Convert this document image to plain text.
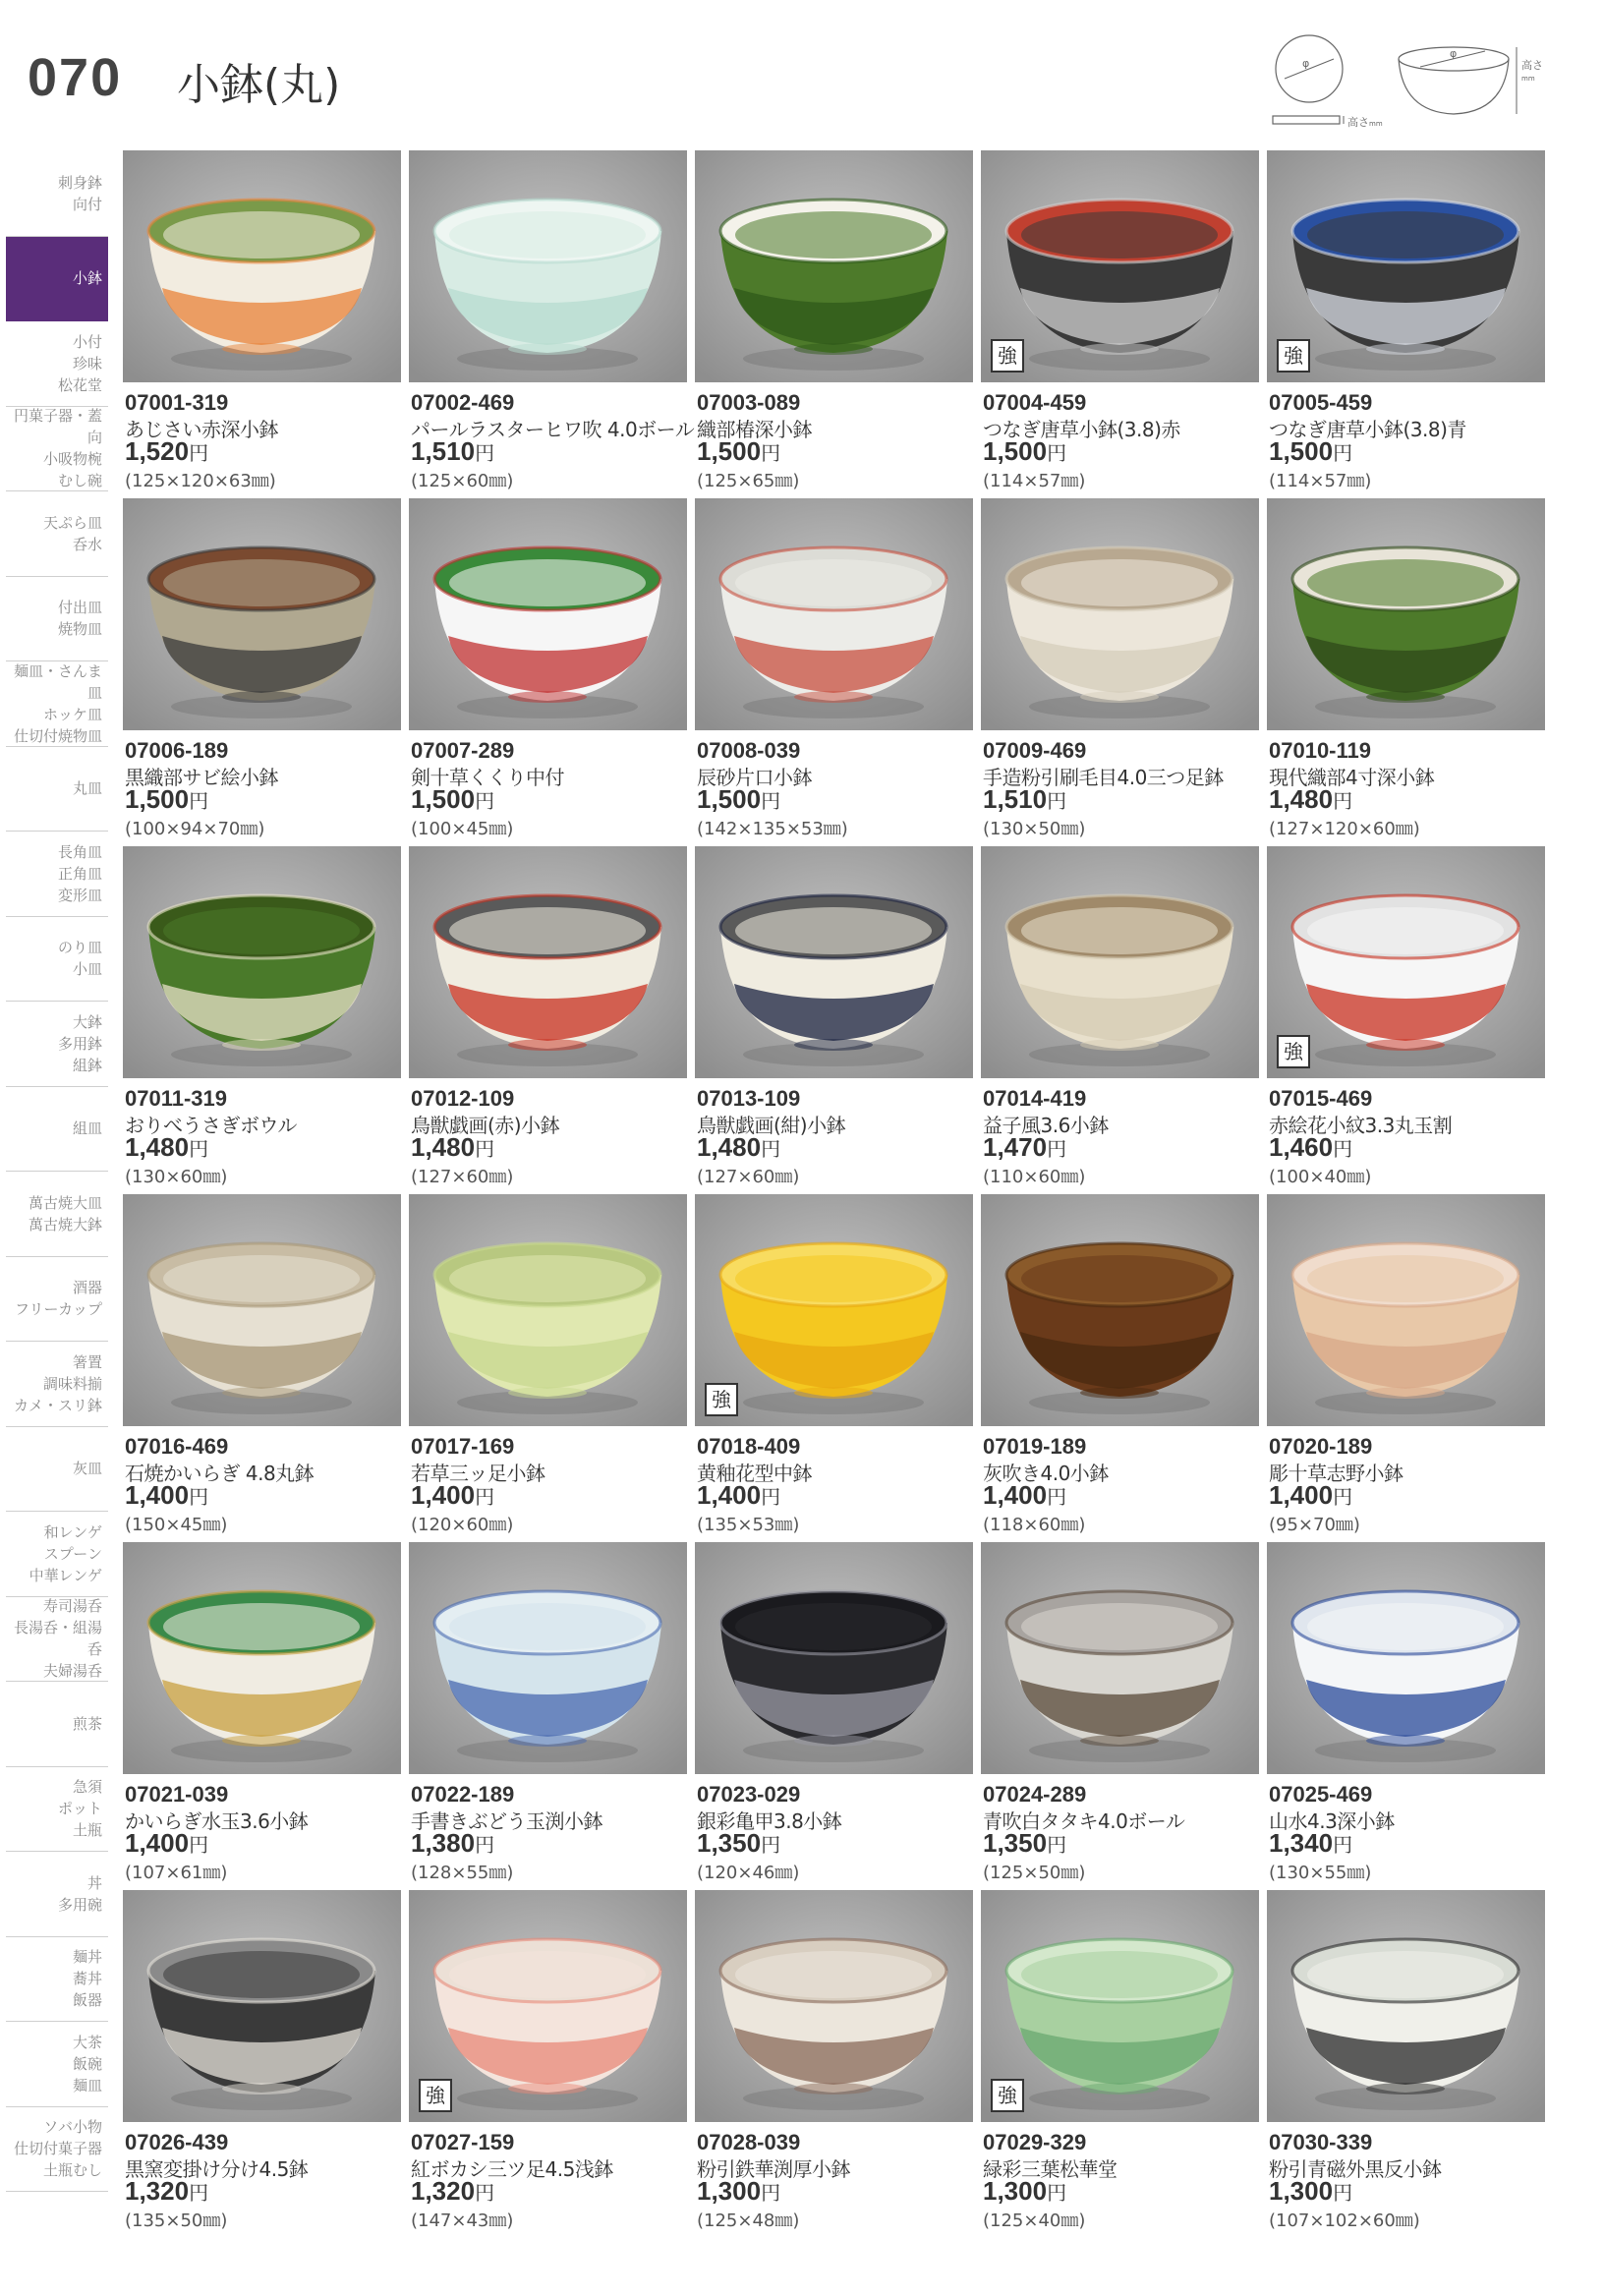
070 小鉢(丸)	φ
高さmm
φ
高さ
mm
刺身鉢
向付
小鉢
小付
珍味
松花堂
円菓子器・蓋向
小吸物椀
むし碗
天ぷら皿
呑水
付出皿
焼物皿
麺皿・さんま皿
ホッケ皿
仕切付焼物皿
丸皿
長角皿
正角皿
変形皿
のり皿
小皿
大鉢
多用鉢
組鉢
組皿
萬古焼大皿
萬古焼大鉢
酒器
フリーカップ
箸置
調味料揃
カメ・スリ鉢
灰皿
和レンゲ
スプーン
中華レンゲ
寿司湯呑
長湯呑・組湯呑
夫婦湯呑
煎茶
急須
ポット
土瓶
丼
多用碗
麺丼
蕎丼
飯器
大茶
飯碗
麺皿
ソバ小物
仕切付菓子器
土瓶むし
07001-319
あじさい赤深小鉢
1,520円
(125×120×63㎜)
07002-469
パールラスターヒワ吹 4.0ボール
1,510円
(125×60㎜)
07003-089
織部椿深小鉢
1,500円
(125×65㎜)
強
07004-459
つなぎ唐草小鉢(3.8)赤
1,500円
(114×57㎜)
強
07005-459
つなぎ唐草小鉢(3.8)青
1,500円
(114×57㎜)
07006-189
黒織部サビ絵小鉢
1,500円
(100×94×70㎜)
07007-289
剣十草くくり中付
1,500円
(100×45㎜)
07008-039
辰砂片口小鉢
1,500円
(142×135×53㎜)
07009-469
手造粉引刷毛目4.0三つ足鉢
1,510円
(130×50㎜)
07010-119
現代織部4寸深小鉢
1,480円
(127×120×60㎜)
07011-319
おりべうさぎボウル
1,480円
(130×60㎜)
07012-109
鳥獣戯画(赤)小鉢
1,480円
(127×60㎜)
07013-109
鳥獣戯画(紺)小鉢
1,480円
(127×60㎜)
07014-419
益子風3.6小鉢
1,470円
(110×60㎜)
強
07015-469
赤絵花小紋3.3丸玉割
1,460円
(100×40㎜)
07016-469
石焼かいらぎ 4.8丸鉢
1,400円
(150×45㎜)
07017-169
若草三ッ足小鉢
1,400円
(120×60㎜)
強
07018-409
黄釉花型中鉢
1,400円
(135×53㎜)
07019-189
灰吹き4.0小鉢
1,400円
(118×60㎜)
07020-189
彫十草志野小鉢
1,400円
(95×70㎜)
07021-039
かいらぎ水玉3.6小鉢
1,400円
(107×61㎜)
07022-189
手書きぶどう玉渕小鉢
1,380円
(128×55㎜)
07023-029
銀彩亀甲3.8小鉢
1,350円
(120×46㎜)
07024-289
青吹白タタキ4.0ボール
1,350円
(125×50㎜)
07025-469
山水4.3深小鉢
1,340円
(130×55㎜)
07026-439
黒窯変掛け分け4.5鉢
1,320円
(135×50㎜)
強
07027-159
紅ボカシ三ツ足4.5浅鉢
1,320円
(147×43㎜)
07028-039
粉引鉄華渕厚小鉢
1,300円
(125×48㎜)
強
07029-329
緑彩三葉松華堂
1,300円
(125×40㎜)
07030-339
粉引青磁外黒反小鉢
1,300円
(107×102×60㎜)
